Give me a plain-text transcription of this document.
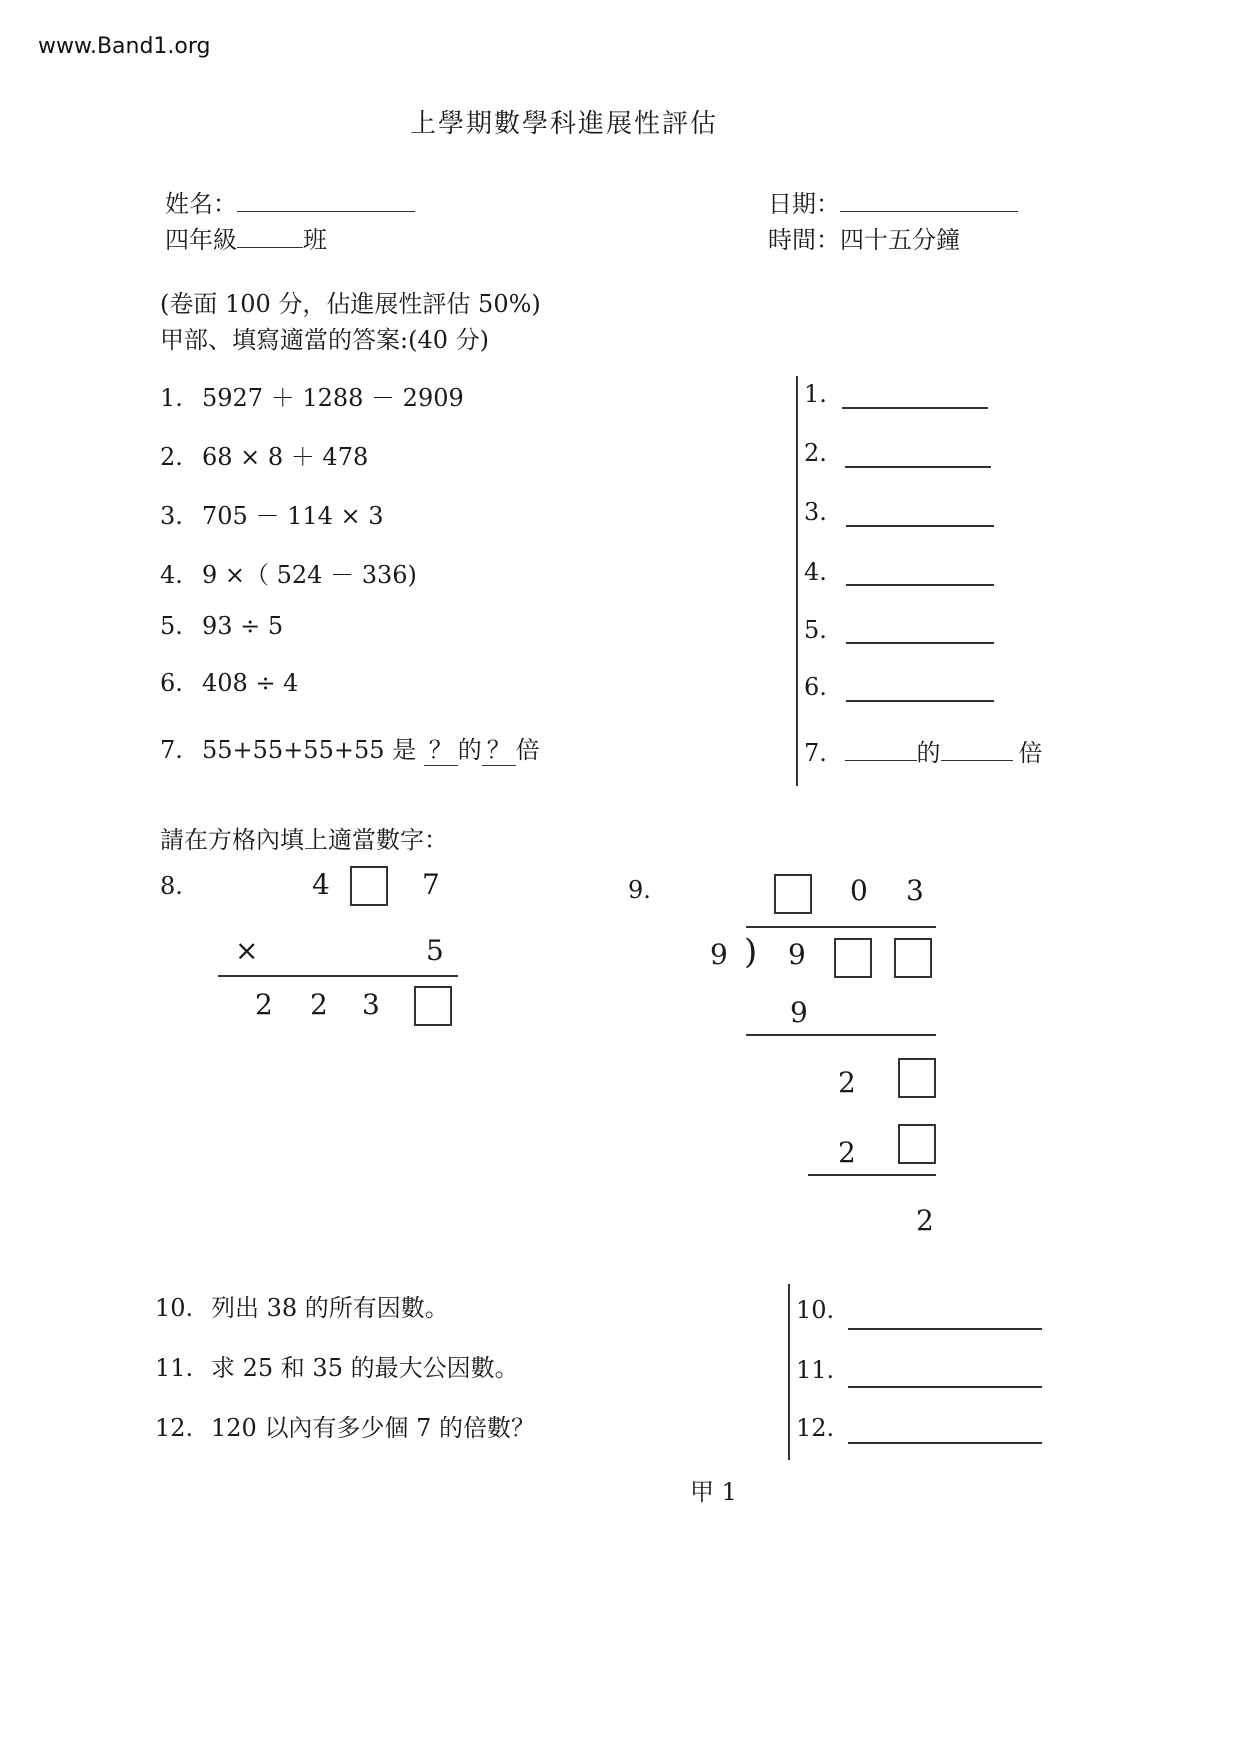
www.Band1.org
上學期數學科進展性評估
姓名：
四年級	班
日期：
時間：四十五分鐘
(卷面 100 分，佔進展性評估 50%)
甲部、填寫適當的答案:(40 分)
1. 5927 ＋ 1288 － 2909
2. 68 × 8 ＋ 478
3. 705 － 114 × 3
4. 9 ×（ 524 － 336)
5. 93 ÷ 5
6. 408 ÷ 4
7. 55+55+55+55 是 ？ 的 ？ 倍
1.
2.
3.
4.
5.
6.
7.	的	倍
請在方格內填上適當數字：
8.	4	7
×	5
2 2 3
9.	0 3
9 ) 9
9
2
2
2
10. 列出 38 的所有因數。
11. 求 25 和 35 的最大公因數。
12. 120 以內有多少個 7 的倍數？
10.
11.
12.
甲 1
